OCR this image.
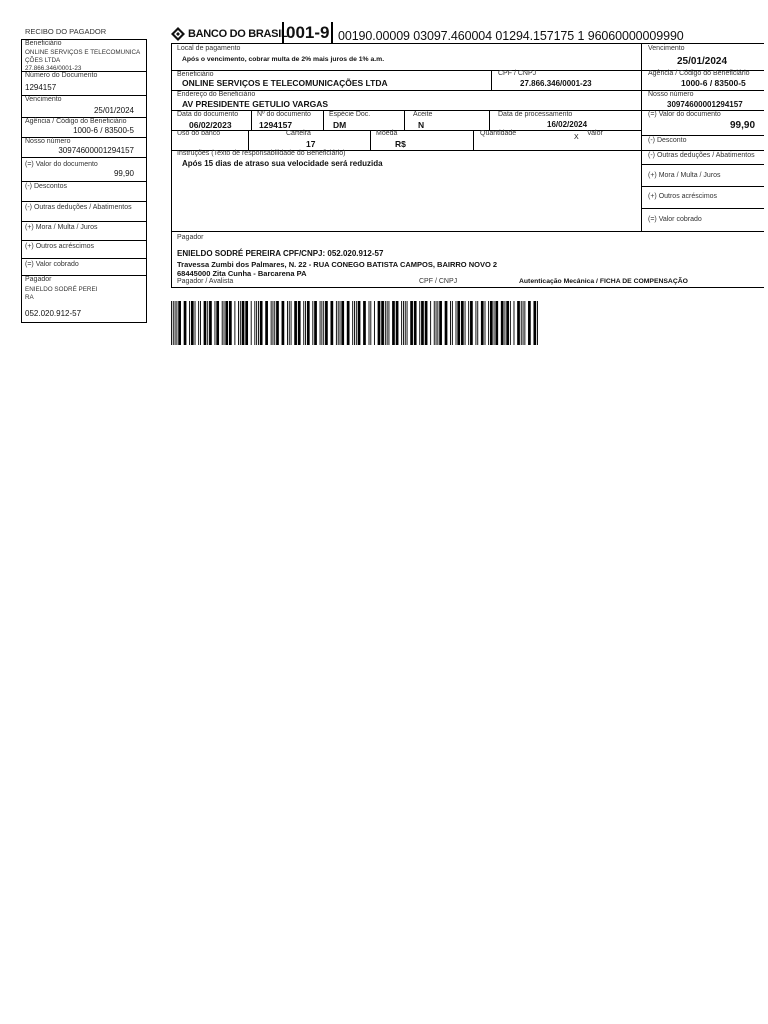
RECIBO DO PAGADOR
Beneficiário
ONLINE SERVIÇOS E TELECOMUNICA
ÇÕES LTDA
27.866.346/0001-23
Número do Documento
1294157
Vencimento
25/01/2024
Agência / Código do Beneficiário
1000-6 / 83500-5
Nosso número
30974600001294157
(=) Valor do documento
99,90
(-) Descontos
(-) Outras deduções / Abatimentos
(+) Mora / Multa / Juros
(+) Outros acréscimos
(=) Valor cobrado
Pagador
ENIELDO SODRÉ PEREI
RA
052.020.912-57
BANCO DO BRASIL
001-9 00190.00009 03097.460004 01294.157175 1 96060000009990
Local de pagamento
Após o vencimento, cobrar multa de 2% mais juros de 1% a.m.
Vencimento
25/01/2024
Beneficiário
ONLINE SERVIÇOS E TELECOMUNICAÇÕES LTDA
CPF / CNPJ
27.866.346/0001-23
Agência / Código do Beneficiário
1000-6 / 83500-5
Endereço do Beneficiário
AV PRESIDENTE GETULIO VARGAS
Nosso número
30974600001294157
Data do documento
06/02/2023
Nº do documento
1294157
Espécie Doc.
DM
Aceite
N
Data de processamento
16/02/2024
(=) Valor do documento
99,90
Uso do banco	Carteira
17
Moeda
R$
Quantidade
X
Valor
(-) Desconto
Instruções (Texto de responsabilidade do Beneficiário)
Após 15 dias de atraso sua velocidade será reduzida
(-) Outras deduções / Abatimentos
(+) Mora / Multa / Juros
(+) Outros acréscimos
(=) Valor cobrado
Pagador
ENIELDO SODRÉ PEREIRA CPF/CNPJ: 052.020.912-57
Travessa Zumbi dos Palmares, N. 22 - RUA CONEGO BATISTA CAMPOS, BAIRRO NOVO 2
68445000 Zita Cunha - Barcarena PA
Pagador / Avalista	CPF / CNPJ	Autenticação Mecânica / FICHA DE COMPENSAÇÃO
